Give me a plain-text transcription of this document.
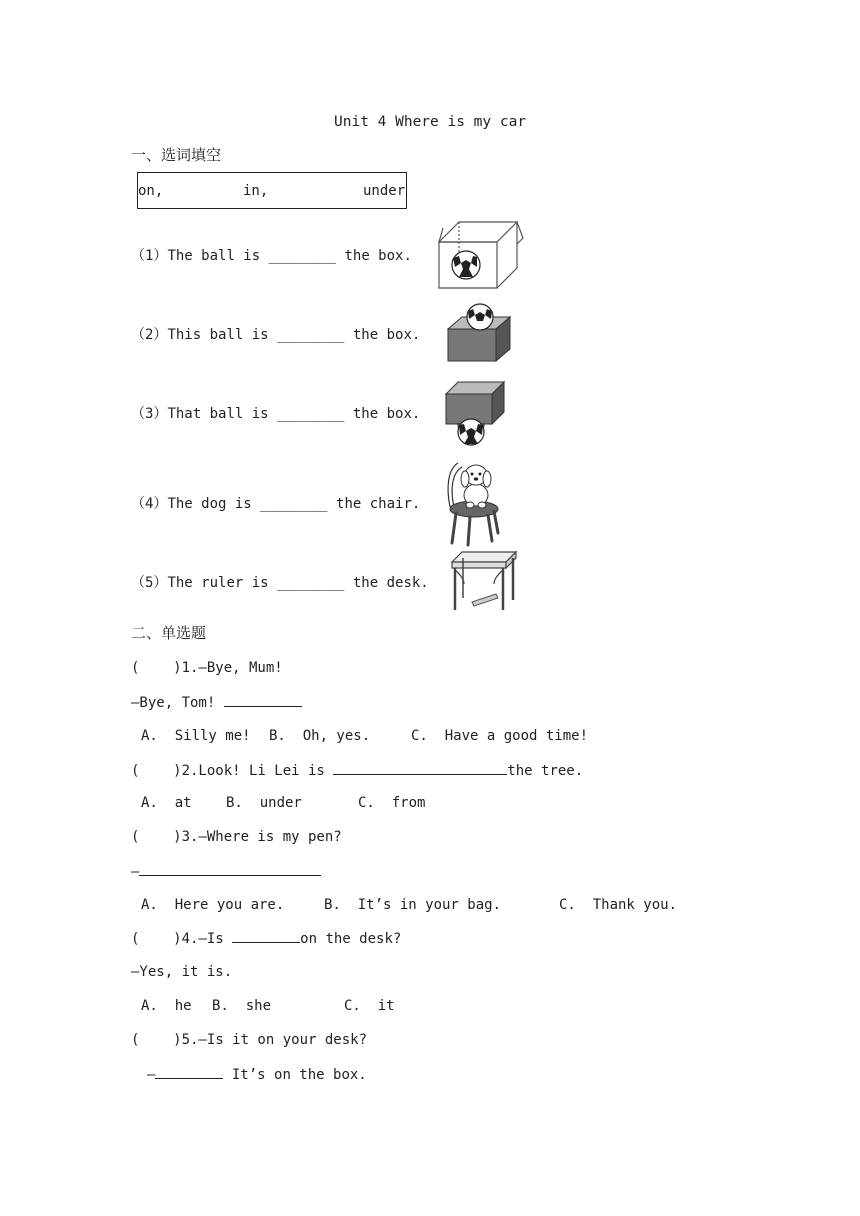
Unit 4 Where is my car
一、选词填空
on,	in,	under
（1）The ball is ________ the box.
（2）This ball is ________ the box.
（3）That ball is ________ the box.
（4）The dog is ________ the chair.
（5）The ruler is ________ the desk.
二、单选题
(    )1.—Bye, Mum!
—Bye, Tom!
A.  Silly me! B.  Oh, yes.	C.  Have a good time!
(    )2.Look! Li Lei is	the tree.
A.  at B.  under	C.  from
(    )3.—Where is my pen?
—
A.  Here you are.	B.  It’s in your bag.	C.  Thank you.
(    )4.—Is	on the desk?
—Yes, it is.
A.  he B.  she	C.  it
(    )5.—Is it on your desk?
—	It’s on the box.
